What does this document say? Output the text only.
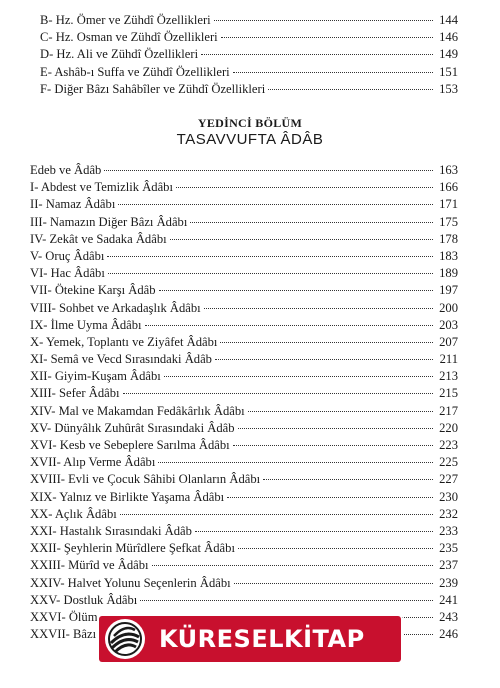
B- Hz. Ömer ve Zühdî Özellikleri	144
C- Hz. Osman ve Zühdî Özellikleri	146
D- Hz. Ali ve Zühdî Özellikleri	149
E- Ashâb-ı Suffa ve Zühdî Özellikleri	151
F- Diğer Bâzı Sahâbîler ve Zühdî Özellikleri	153
YEDİNCİ BÖLÜM
TASAVVUFTA ÂDÂB
Edeb ve Âdâb	163
I- Abdest ve Temizlik Âdâbı	166
II- Namaz Âdâbı	171
III- Namazın Diğer Bâzı Âdâbı	175
IV- Zekât ve Sadaka Âdâbı	178
V- Oruç Âdâbı	183
VI- Hac Âdâbı	189
VII- Ötekine Karşı Âdâb	197
VIII- Sohbet ve Arkadaşlık Âdâbı	200
IX- İlme Uyma Âdâbı	203
X- Yemek, Toplantı ve Ziyâfet Âdâbı	207
XI- Semâ ve Vecd Sırasındaki Âdâb	211
XII- Giyim-Kuşam Âdâbı	213
XIII- Sefer Âdâbı	215
XIV- Mal ve Makamdan Fedâkârlık Âdâbı	217
XV- Dünyâlık Zuhûrât Sırasındaki Âdâb	220
XVI- Kesb ve Sebeplere Sarılma Âdâbı	223
XVII- Alıp Verme Âdâbı	225
XVIII- Evli ve Çocuk Sâhibi Olanların Âdâbı	227
XIX- Yalnız ve Birlikte Yaşama Âdâbı	230
XX- Açlık Âdâbı	232
XXI- Hastalık Sırasındaki Âdâb	233
XXII- Şeyhlerin Mürîdlere Şefkat Âdâbı	235
XXIII- Mürîd ve Âdâbı	237
XXIV- Halvet Yolunu Seçenlerin Âdâbı	239
XXV- Dostluk Âdâbı	241
XXVI- Ölüm	243
XXVII- Bâzı	246
KÜRESELKİTAP
